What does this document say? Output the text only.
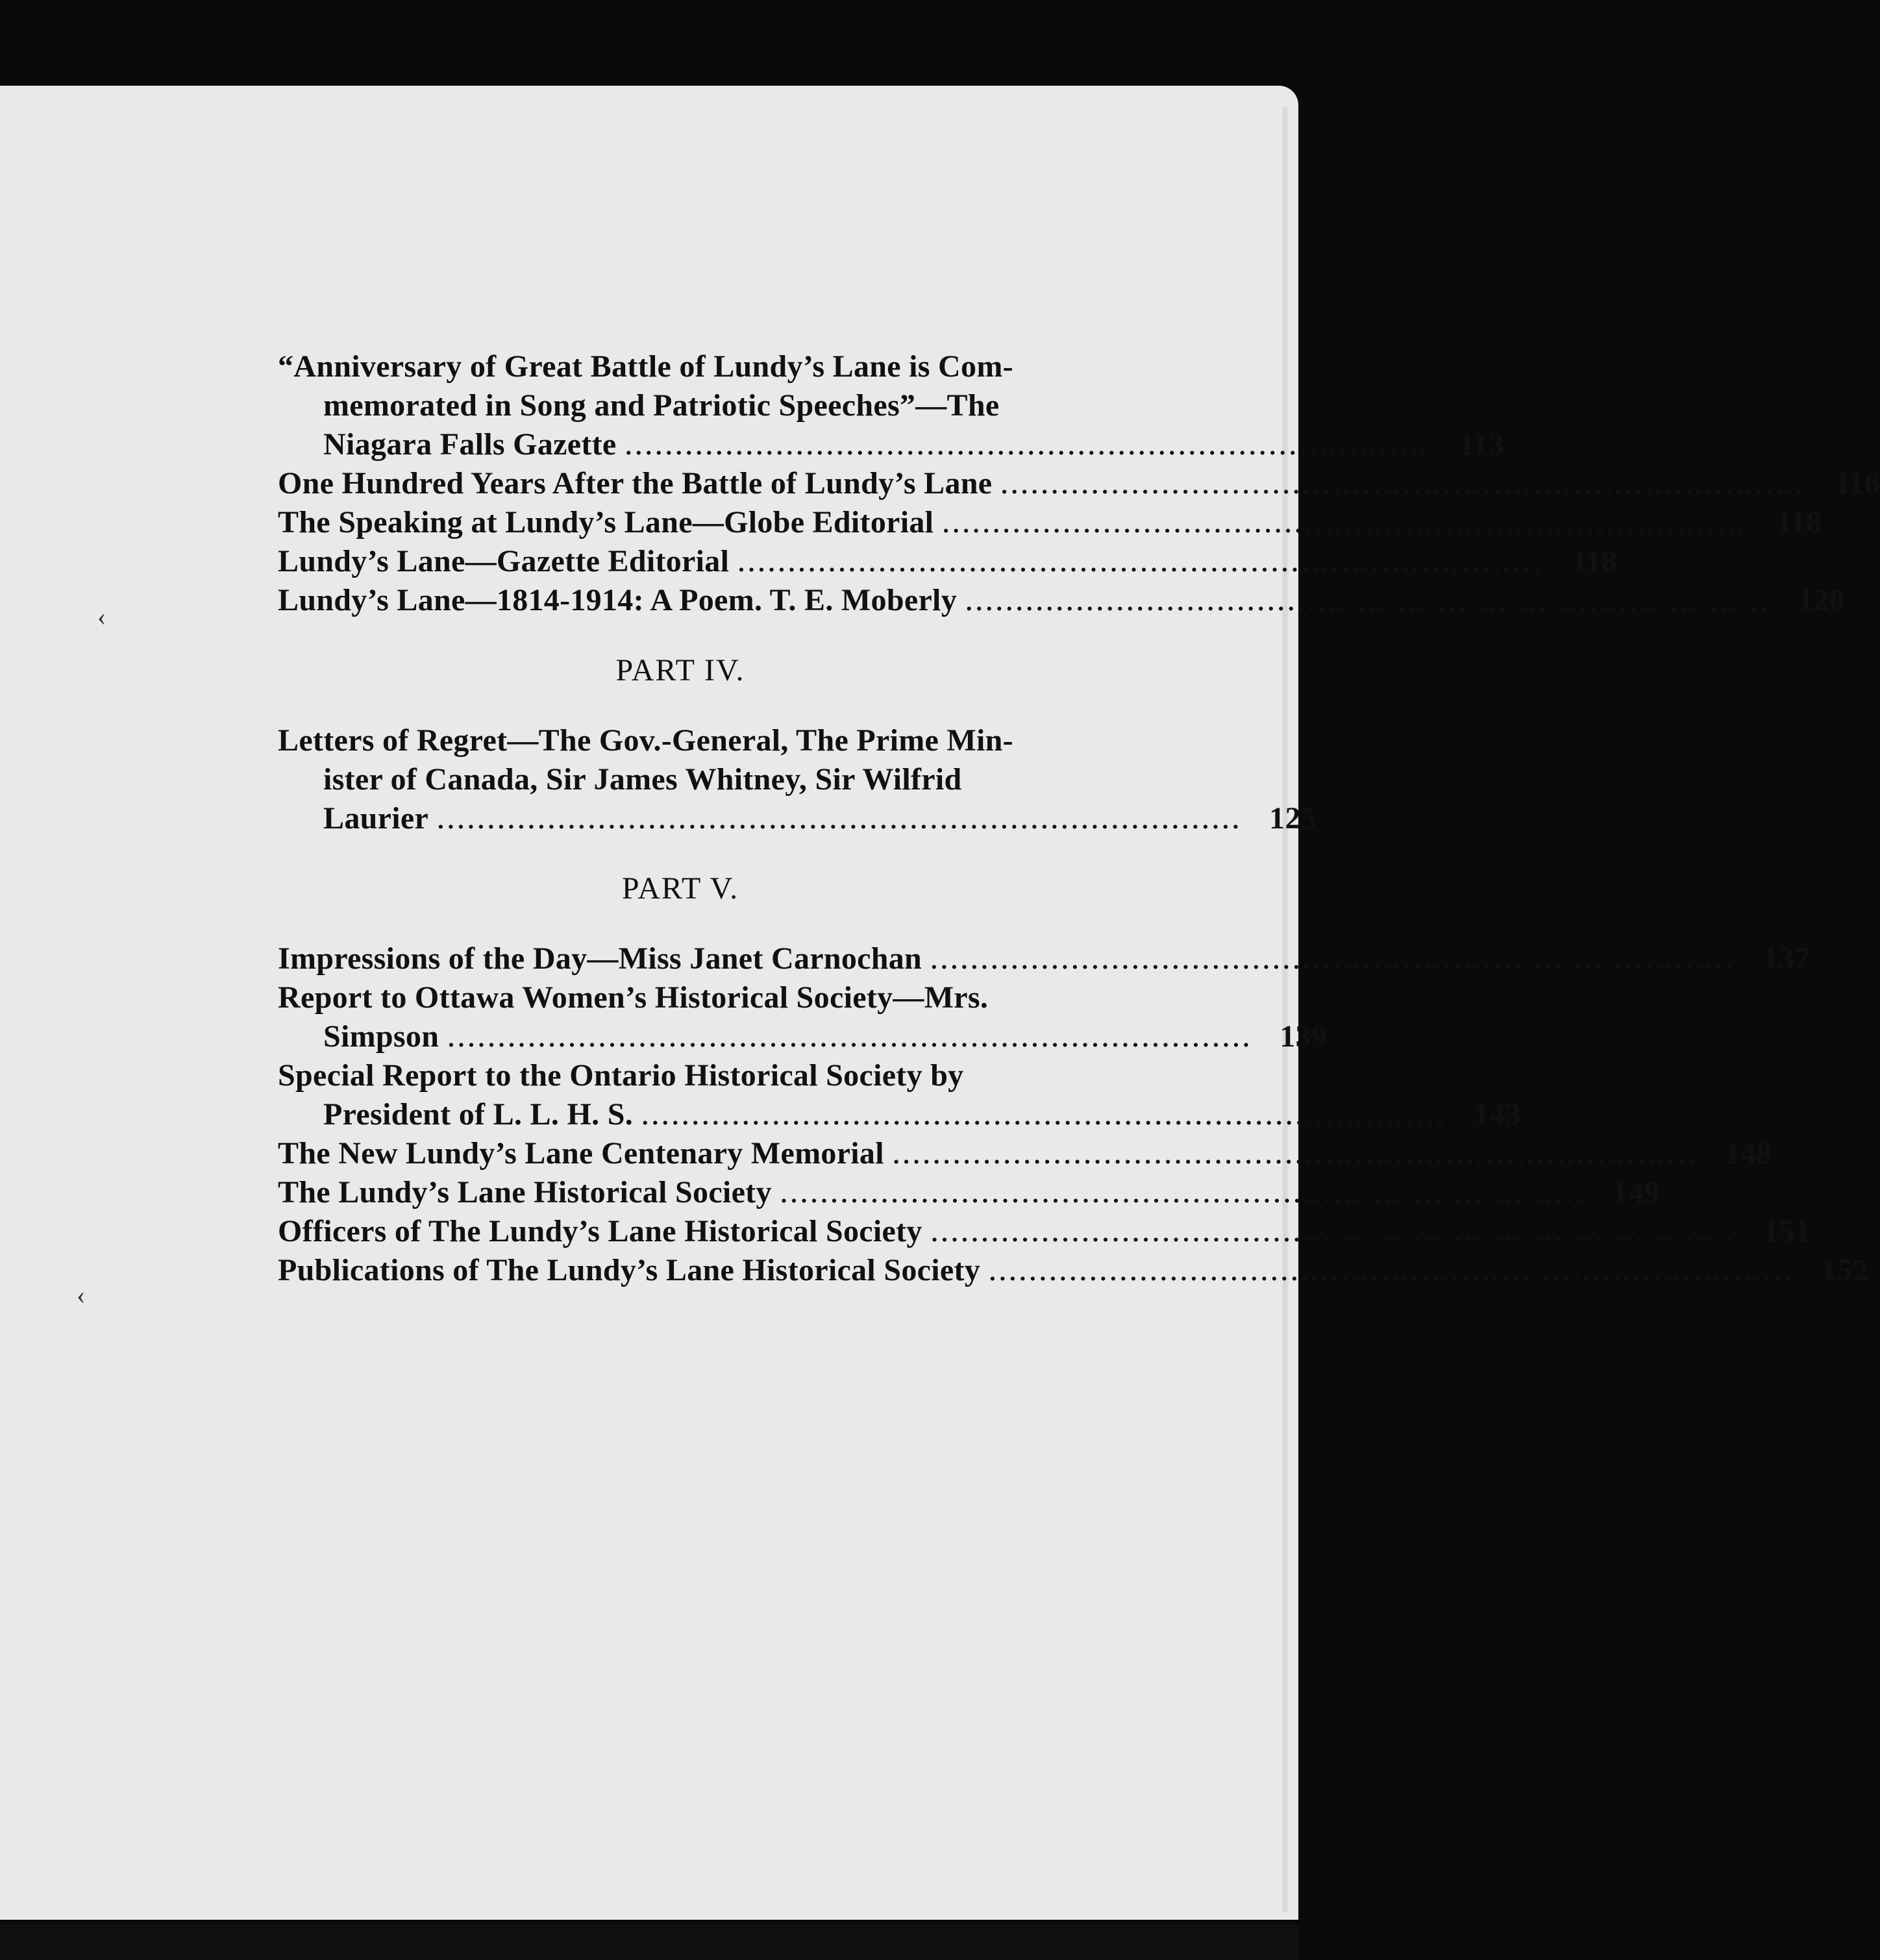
‹
‹
“Anniversary of Great Battle of Lundy’s Lane is Com-
memorated in Song and Patriotic Speeches”—The
Niagara Falls Gazette ................................................................................ 113
One Hundred Years After the Battle of Lundy’s Lane ................................................................................ 116
The Speaking at Lundy’s Lane—Globe Editorial ................................................................................ 118
Lundy’s Lane—Gazette Editorial ................................................................................ 118
Lundy’s Lane—1814-1914: A Poem. T. E. Moberly ................................................................................ 120
PART IV.
Letters of Regret—The Gov.-General, The Prime Min-
ister of Canada, Sir James Whitney, Sir Wilfrid
Laurier ................................................................................ 125
PART V.
Impressions of the Day—Miss Janet Carnochan ................................................................................ 137
Report to Ottawa Women’s Historical Society—Mrs.
Simpson ................................................................................ 139
Special Report to the Ontario Historical Society by
President of L. L. H. S. ................................................................................ 143
The New Lundy’s Lane Centenary Memorial ................................................................................ 148
The Lundy’s Lane Historical Society ................................................................................ 149
Officers of The Lundy’s Lane Historical Society ................................................................................ 151
Publications of The Lundy’s Lane Historical Society ................................................................................ 152
